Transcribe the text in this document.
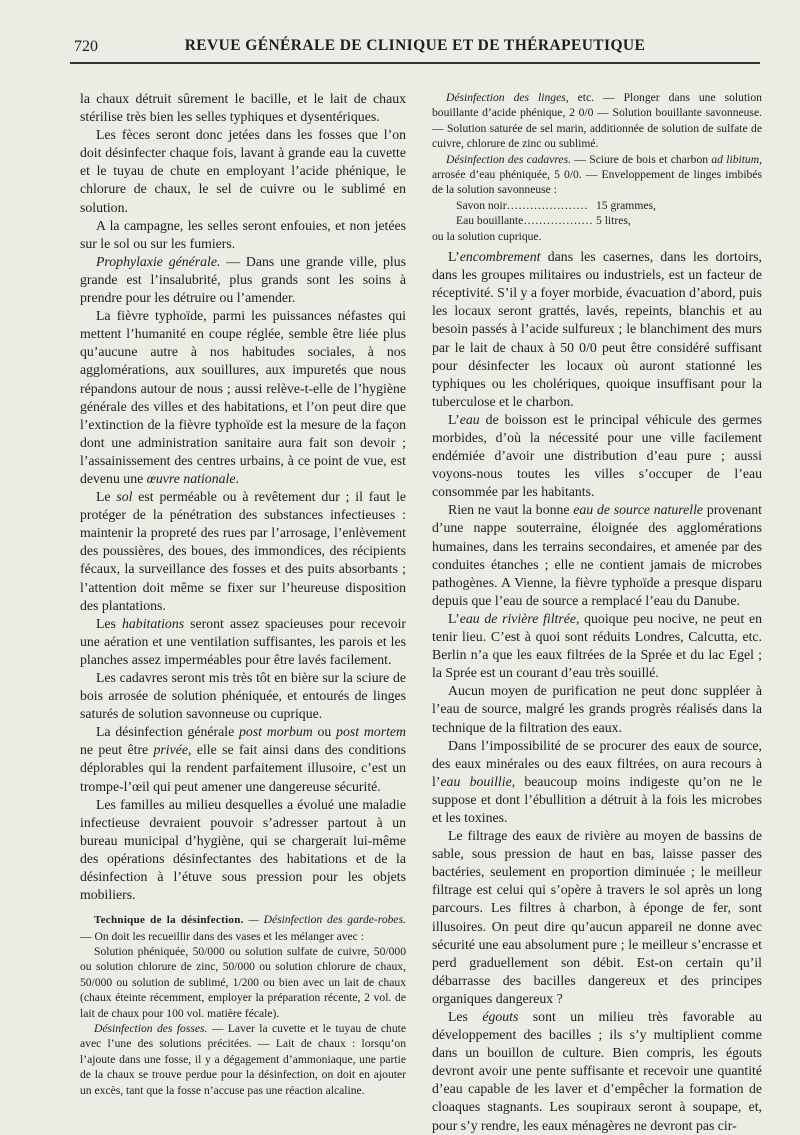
720	REVUE GÉNÉRALE DE CLINIQUE ET DE THÉRAPEUTIQUE

la chaux détruit sûrement le bacille, et le lait de chaux stérilise très bien les selles typhiques et dysentériques.

Les fèces seront donc jetées dans les fosses que l’on doit désinfecter chaque fois, lavant à grande eau la cuvette et le tuyau de chute en employant l’acide phénique, le chlorure de chaux, le sel de cuivre ou le sublimé en solution.

A la campagne, les selles seront enfouies, et non jetées sur le sol ou sur les fumiers.

Prophylaxie générale. — Dans une grande ville, plus grande est l’insalubrité, plus grands sont les soins à prendre pour les détruire ou l’amender.

La fièvre typhoïde, parmi les puissances néfastes qui mettent l’humanité en coupe réglée, semble être liée plus qu’aucune autre à nos habitudes sociales, à nos agglomérations, aux souillures, aux impuretés que nous répandons autour de nous ; aussi relève-t-elle de l’hygiène générale des villes et des habitations, et l’on peut dire que l’extinction de la fièvre typhoïde est la mesure de la façon dont une administration sanitaire aura fait son devoir ; l’assainissement des centres urbains, à ce point de vue, est devenu une œuvre nationale.

Le sol est perméable ou à revêtement dur ; il faut le protéger de la pénétration des substances infectieuses : maintenir la propreté des rues par l’arrosage, l’enlèvement des poussières, des boues, des immondices, des récipients fécaux, la surveillance des fosses et des puits absorbants ; l’attention doit même se fixer sur l’heureuse disposition des plantations.

Les habitations seront assez spacieuses pour recevoir une aération et une ventilation suffisantes, les parois et les planches assez imperméables pour être lavés facilement.

Les cadavres seront mis très tôt en bière sur la sciure de bois arrosée de solution phéniquée, et entourés de linges saturés de solution savonneuse ou cuprique.

La désinfection générale post morbum ou post mortem ne peut être privée, elle se fait ainsi dans des conditions déplorables qui la rendent parfaitement illusoire, c’est un trompe-l’œil qui peut amener une dangereuse sécurité.

Les familles au milieu desquelles a évolué une maladie infectieuse devraient pouvoir s’adresser partout à un bureau municipal d’hygiène, qui se chargerait lui-même des opérations désinfectantes des habitations et de la désinfection à l’étuve sous pression pour les objets mobiliers.

Technique de la désinfection. — Désinfection des garde-robes. — On doit les recueillir dans des vases et les mélanger avec :

Solution phéniquée, 50/000 ou solution sulfate de cuivre, 50/000 ou solution chlorure de zinc, 50/000 ou solution chlorure de chaux, 50/000 ou solution de sublimé, 1/200 ou bien avec un lait de chaux (chaux éteinte récemment, employer la préparation récente, 2 vol. de lait de chaux pour 100 vol. matière fécale).

Désinfection des fosses. — Laver la cuvette et le tuyau de chute avec l’une des solutions précitées. — Lait de chaux : lorsqu’on l’ajoute dans une fosse, il y a dégagement d’ammoniaque, une partie de la chaux se trouve perdue pour la désinfection, on doit en ajouter un excès, tant que la fosse n’accuse pas une réaction alcaline.

Désinfection des linges, etc. — Plonger dans une solution bouillante d’acide phénique, 2 0/0 — Solution bouillante savonneuse. — Solution saturée de sel marin, additionnée de solution de sulfate de cuivre, chlorure de zinc ou sublimé.

Désinfection des cadavres. — Sciure de bois et charbon ad libitum, arrosée d’eau phéniquée, 5 0/0. — Enveloppement de linges imbibés de la solution savonneuse :

Savon noir………………… 15 grammes,
Eau bouillante……………… 5 litres,
ou la solution cuprique.

L’encombrement dans les casernes, dans les dortoirs, dans les groupes militaires ou industriels, est un facteur de réceptivité. S’il y a foyer morbide, évacuation d’abord, puis les locaux seront grattés, lavés, repeints, blanchis et au besoin passés à l’acide sulfureux ; le blanchiment des murs par le lait de chaux à 50 0/0 peut être considéré suffisant pour désinfecter les locaux où auront stationné les typhiques ou les cholériques, quoique insuffisant pour la tuberculose et le charbon.

L’eau de boisson est le principal véhicule des germes morbides, d’où la nécessité pour une ville facilement endémiée d’avoir une distribution d’eau pure ; aussi voyons-nous toutes les villes s’occuper de l’eau consommée par les habitants.

Rien ne vaut la bonne eau de source naturelle provenant d’une nappe souterraine, éloignée des agglomérations humaines, dans les terrains secondaires, et amenée par des conduites étanches ; elle ne contient jamais de microbes pathogènes. A Vienne, la fièvre typhoïde a presque disparu depuis que l’eau de source a remplacé l’eau du Danube.

L’eau de rivière filtrée, quoique peu nocive, ne peut en tenir lieu. C’est à quoi sont réduits Londres, Calcutta, etc. Berlin n’a que les eaux filtrées de la Sprée et du lac Egel ; la Sprée est un courant d’eau très souillé.

Aucun moyen de purification ne peut donc suppléer à l’eau de source, malgré les grands progrès réalisés dans la technique de la filtration des eaux.

Dans l’impossibilité de se procurer des eaux de source, des eaux minérales ou des eaux filtrées, on aura recours à l’eau bouillie, beaucoup moins indigeste qu’on ne le suppose et dont l’ébullition a détruit à la fois les microbes et les toxines.

Le filtrage des eaux de rivière au moyen de bassins de sable, sous pression de haut en bas, laisse passer des bactéries, seulement en proportion diminuée ; le meilleur filtrage est celui qui s’opère à travers le sol après un long parcours. Les filtres à charbon, à éponge de fer, sont illusoires. On peut dire qu’aucun appareil ne donne avec sécurité une eau absolument pure ; le meilleur s’encrasse et perd graduellement son débit. Est-on certain qu’il débarrasse des bacilles dangereux et des principes organiques dangereux ?

Les égouts sont un milieu très favorable au développement des bacilles ; ils s’y multiplient comme dans un bouillon de culture. Bien compris, les égouts devront avoir une pente suffisante et recevoir une quantité d’eau capable de les laver et d’empêcher la formation de cloaques stagnants. Les soupiraux seront à soupape, et, pour s’y rendre, les eaux ménagères ne devront pas cir-
